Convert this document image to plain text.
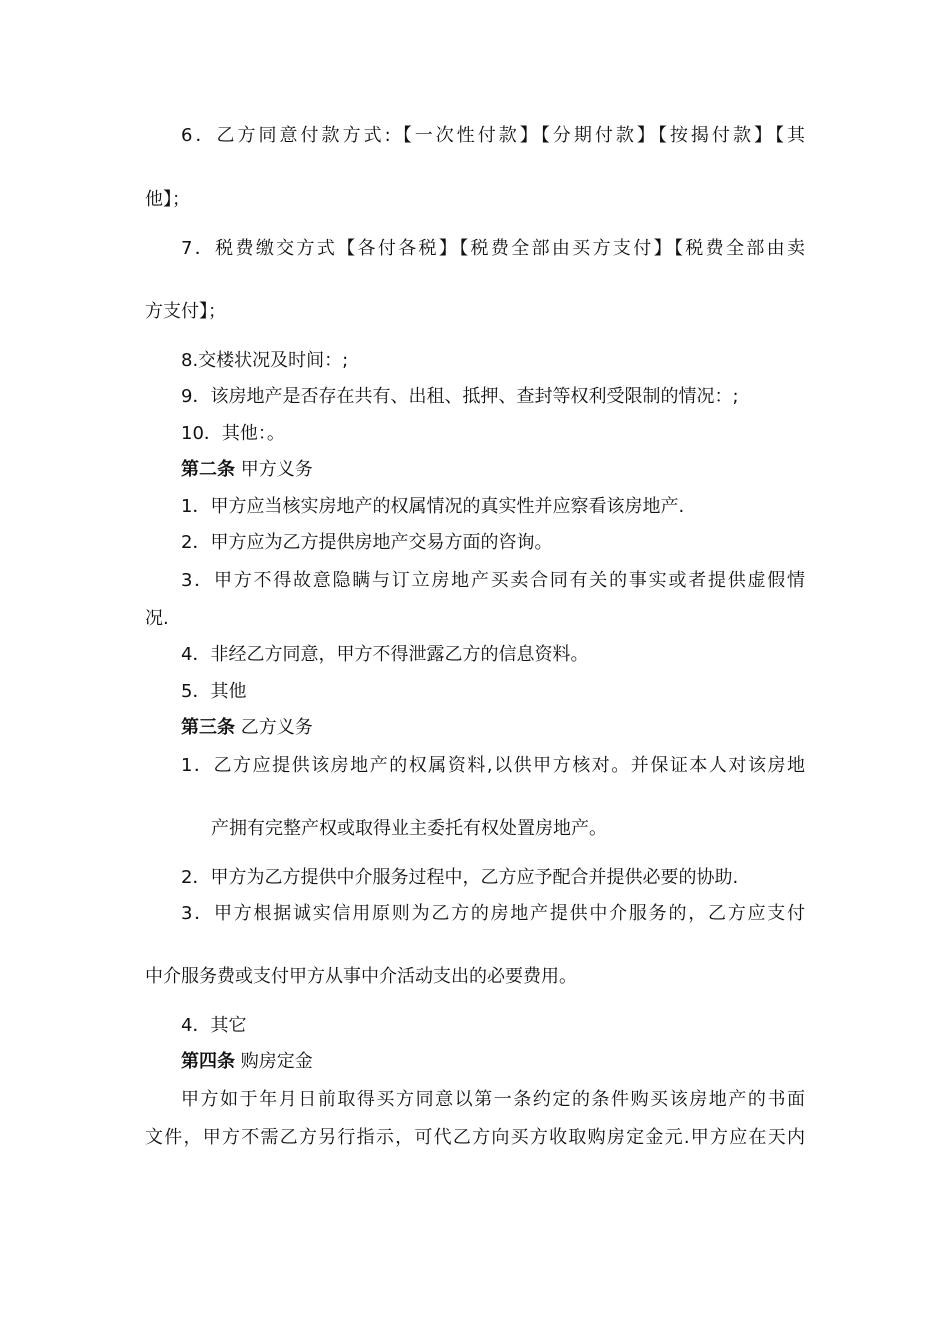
6．乙方同意付款方式:【一次性付款】【分期付款】【按揭付款】【其
他】；
7．税费缴交方式【各付各税】【税费全部由买方支付】【税费全部由卖
方支付】；
8.交楼状况及时间：;
9．该房地产是否存在共有、出租、抵押、查封等权利受限制的情况：;
10．其他：。
第二条 甲方义务
1．甲方应当核实房地产的权属情况的真实性并应察看该房地产.
2．甲方应为乙方提供房地产交易方面的咨询。
3．甲方不得故意隐瞒与订立房地产买卖合同有关的事实或者提供虚假情
况.
4．非经乙方同意，甲方不得泄露乙方的信息资料。
5．其他
第三条 乙方义务
1．乙方应提供该房地产的权属资料,以供甲方核对。并保证本人对该房地
产拥有完整产权或取得业主委托有权处置房地产。
2．甲方为乙方提供中介服务过程中，乙方应予配合并提供必要的协助.
3．甲方根据诚实信用原则为乙方的房地产提供中介服务的，乙方应支付
中介服务费或支付甲方从事中介活动支出的必要费用。
4．其它
第四条 购房定金
甲方如于年月日前取得买方同意以第一条约定的条件购买该房地产的书面
文件，甲方不需乙方另行指示，可代乙方向买方收取购房定金元.甲方应在天内
